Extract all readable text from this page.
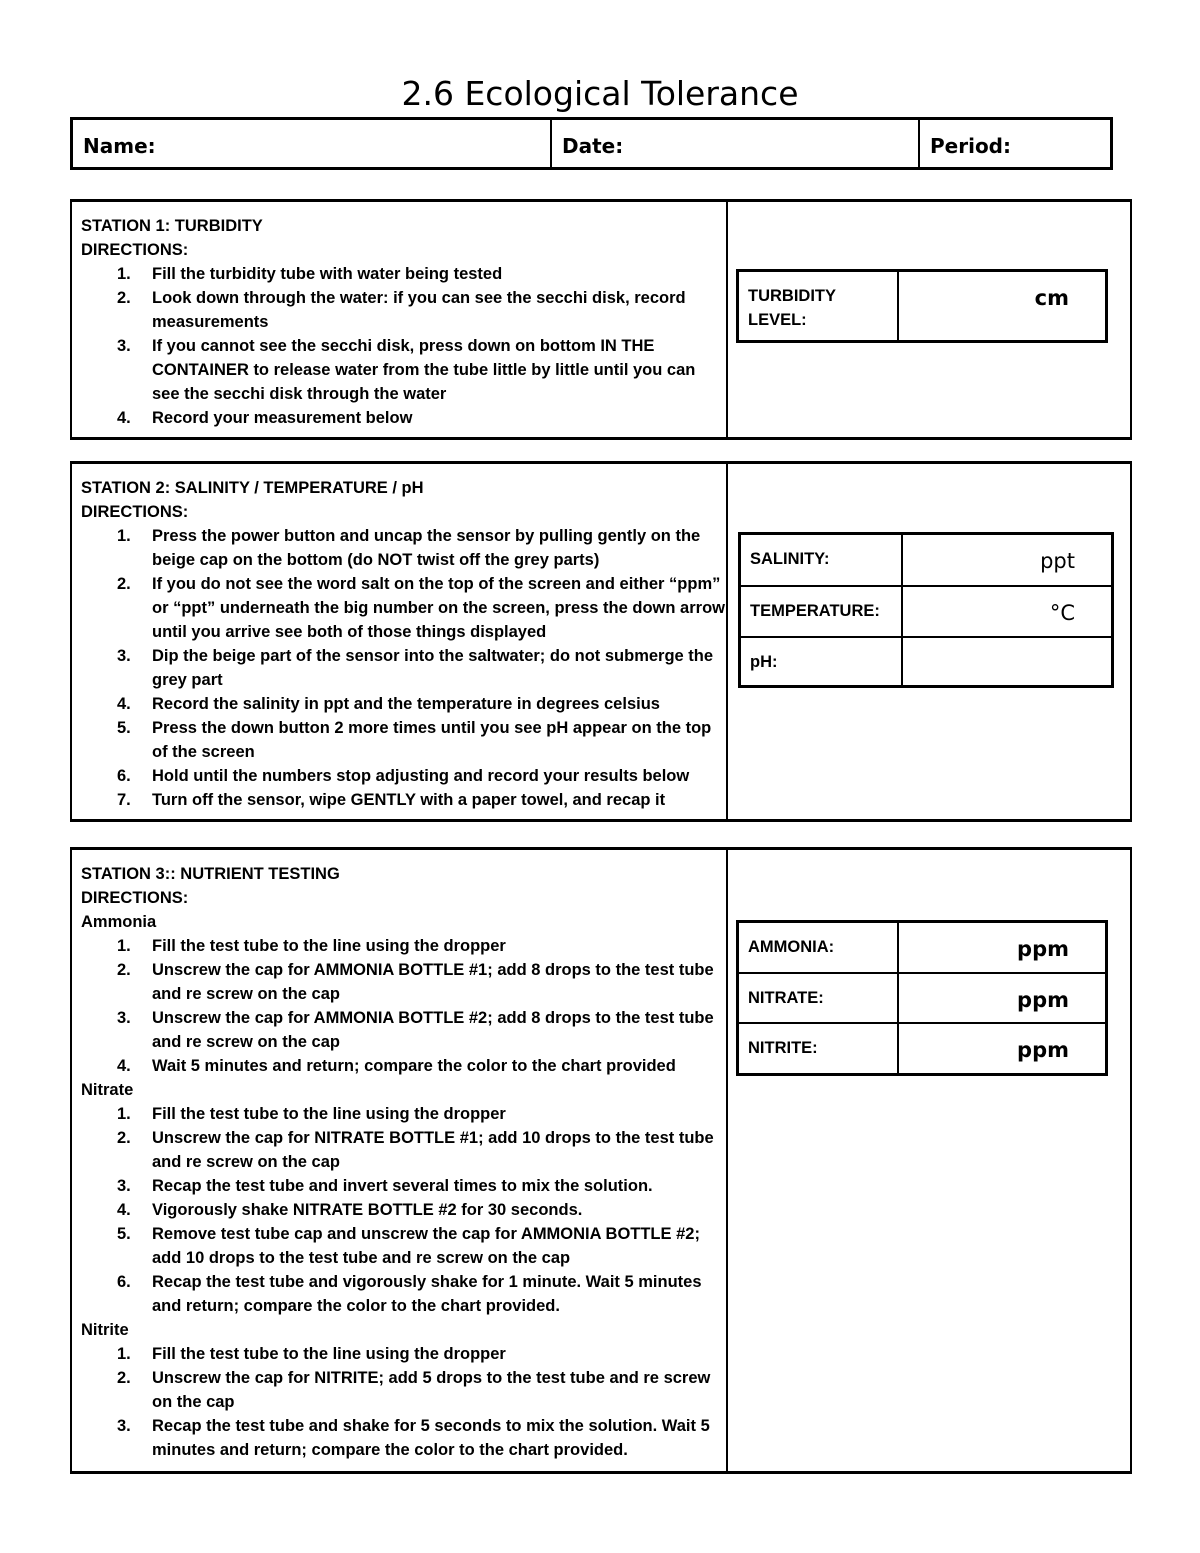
2.6 Ecological Tolerance
Name:	Date:	Period:
STATION 1: TURBIDITY
DIRECTIONS:
1. Fill the turbidity tube with water being tested
2. Look down through the water: if you can see the secchi disk, record measurements
3. If you cannot see the secchi disk, press down on bottom IN THE CONTAINER to release water from the tube little by little until you can see the secchi disk through the water
4. Record your measurement below
TURBIDITY LEVEL:	cm
STATION 2: SALINITY / TEMPERATURE / pH
DIRECTIONS:
1. Press the power button and uncap the sensor by pulling gently on the beige cap on the bottom (do NOT twist off the grey parts)
2. If you do not see the word salt on the top of the screen and either “ppm” or “ppt” underneath the big number on the screen, press the down arrow until you arrive see both of those things displayed
3. Dip the beige part of the sensor into the saltwater; do not submerge the grey part
4. Record the salinity in ppt and the temperature in degrees celsius
5. Press the down button 2 more times until you see pH appear on the top of the screen
6. Hold until the numbers stop adjusting and record your results below
7. Turn off the sensor, wipe GENTLY with a paper towel, and recap it
SALINITY:	ppt
TEMPERATURE:	°C
pH:	
STATION 3:: NUTRIENT TESTING
DIRECTIONS:
Ammonia
1. Fill the test tube to the line using the dropper
2. Unscrew the cap for AMMONIA BOTTLE #1; add 8 drops to the test tube and re screw on the cap
3. Unscrew the cap for AMMONIA BOTTLE #2; add 8 drops to the test tube and re screw on the cap
4. Wait 5 minutes and return; compare the color to the chart provided
Nitrate
1. Fill the test tube to the line using the dropper
2. Unscrew the cap for NITRATE BOTTLE #1; add 10 drops to the test tube and re screw on the cap
3. Recap the test tube and invert several times to mix the solution.
4. Vigorously shake NITRATE BOTTLE #2 for 30 seconds.
5. Remove test tube cap and unscrew the cap for AMMONIA BOTTLE #2; add 10 drops to the test tube and re screw on the cap
6. Recap the test tube and vigorously shake for 1 minute. Wait 5 minutes and return; compare the color to the chart provided.
Nitrite
1. Fill the test tube to the line using the dropper
2. Unscrew the cap for NITRITE; add 5 drops to the test tube and re screw on the cap
3. Recap the test tube and shake for 5 seconds to mix the solution. Wait 5 minutes and return; compare the color to the chart provided.
AMMONIA:	ppm
NITRATE:	ppm
NITRITE:	ppm
